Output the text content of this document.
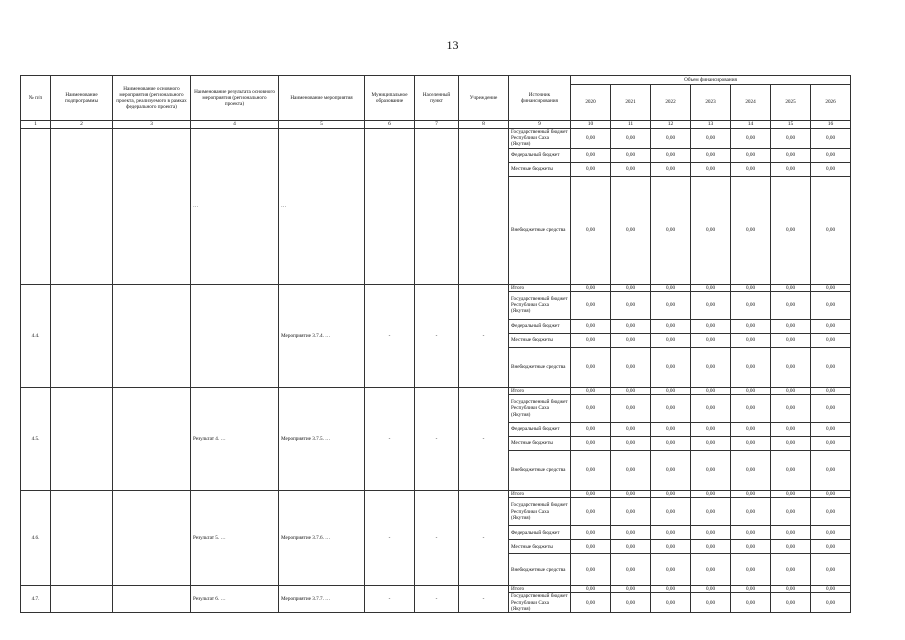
13
№ п/п	Наименование подпрограммы	Наименование основного мероприятия (регионального проекта, реализуемого в рамках федерального проекта)	Наименование результата основного мероприятия (регионального проекта)	Наименование мероприятия	Муниципальное образование	Населенный пункт	Учреждение	Источник финансирования	Объем финансирования						
									2020	2021	2022	2023	2024	2025	2026
1	2	3	4	5	6	7	8	9	10	11	12	13	14	15	16
			…	…				Государственный бюджет Республики Саха (Якутия)	0,00	0,00	0,00	0,00	0,00	0,00	0,00
								Федеральный бюджет	0,00	0,00	0,00	0,00	0,00	0,00	0,00
								Местные бюджеты	0,00	0,00	0,00	0,00	0,00	0,00	0,00
								Внебюджетные средства	0,00	0,00	0,00	0,00	0,00	0,00	0,00
4.4.				Мероприятие 3.7.4. …	-	-	-	Итого	0,00	0,00	0,00	0,00	0,00	0,00	0,00
								Государственный бюджет Республики Саха (Якутия)	0,00	0,00	0,00	0,00	0,00	0,00	0,00
								Федеральный бюджет	0,00	0,00	0,00	0,00	0,00	0,00	0,00
								Местные бюджеты	0,00	0,00	0,00	0,00	0,00	0,00	0,00
								Внебюджетные средства	0,00	0,00	0,00	0,00	0,00	0,00	0,00
4.5.			Результат 4. …	Мероприятие 3.7.5. …	-	-	-	Итого	0,00	0,00	0,00	0,00	0,00	0,00	0,00
								Государственный бюджет Республики Саха (Якутия)	0,00	0,00	0,00	0,00	0,00	0,00	0,00
								Федеральный бюджет	0,00	0,00	0,00	0,00	0,00	0,00	0,00
								Местные бюджеты	0,00	0,00	0,00	0,00	0,00	0,00	0,00
								Внебюджетные средства	0,00	0,00	0,00	0,00	0,00	0,00	0,00
4.6.			Результат 5. …	Мероприятие 3.7.6. …	-	-	-	Итого	0,00	0,00	0,00	0,00	0,00	0,00	0,00
								Государственный бюджет Республики Саха (Якутия)	0,00	0,00	0,00	0,00	0,00	0,00	0,00
								Федеральный бюджет	0,00	0,00	0,00	0,00	0,00	0,00	0,00
								Местные бюджеты	0,00	0,00	0,00	0,00	0,00	0,00	0,00
								Внебюджетные средства	0,00	0,00	0,00	0,00	0,00	0,00	0,00
4.7.			Результат 6. …	Мероприятие 3.7.7. …	-	-	-	Итого	0,00	0,00	0,00	0,00	0,00	0,00	0,00
								Государственный бюджет Республики Саха (Якутия)	0,00	0,00	0,00	0,00	0,00	0,00	0,00
